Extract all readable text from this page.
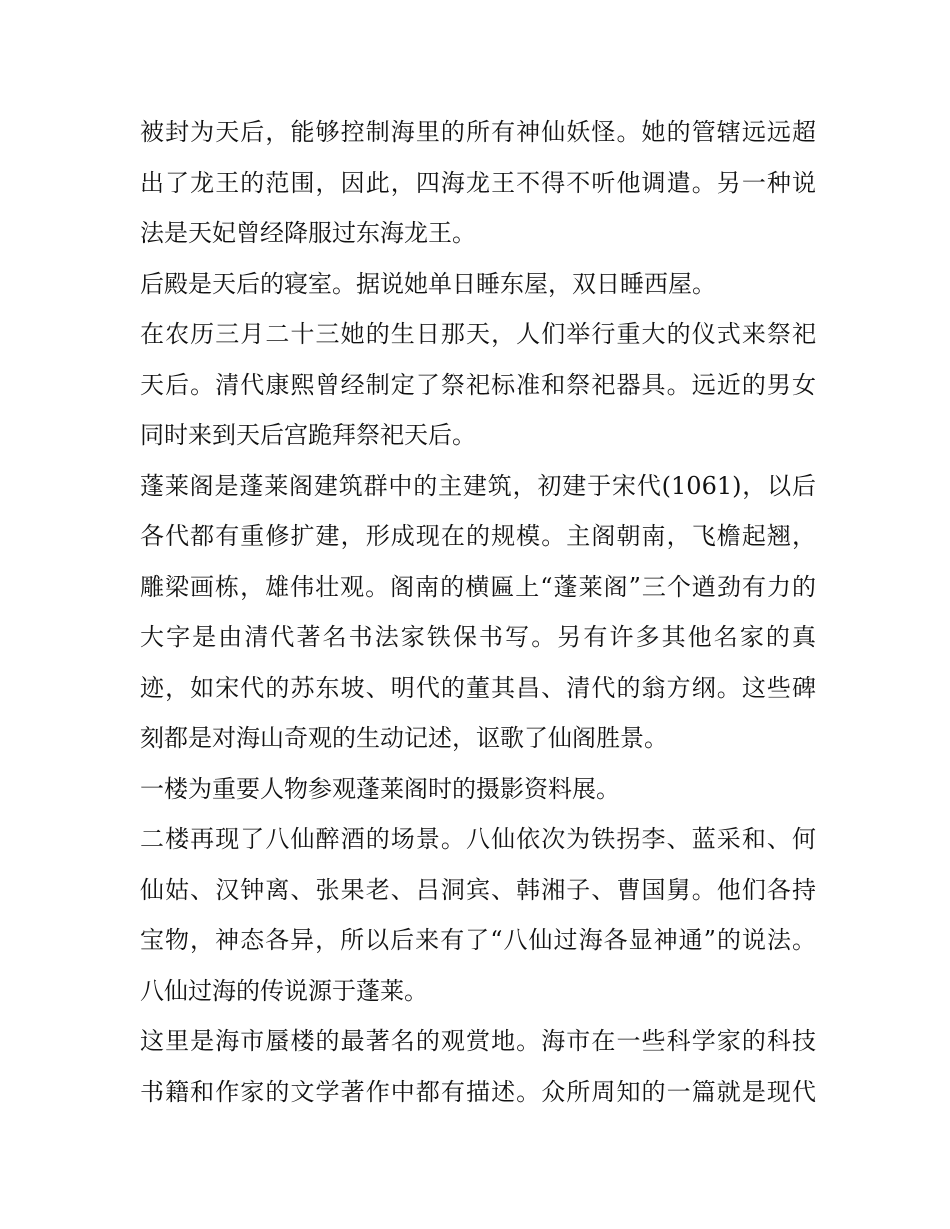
被封为天后，能够控制海里的所有神仙妖怪。她的管辖远远超
出了龙王的范围，因此，四海龙王不得不听他调遣。另一种说
法是天妃曾经降服过东海龙王。
后殿是天后的寝室。据说她单日睡东屋，双日睡西屋。
在农历三月二十三她的生日那天，人们举行重大的仪式来祭祀
天后。清代康熙曾经制定了祭祀标准和祭祀器具。远近的男女
同时来到天后宫跪拜祭祀天后。
蓬莱阁是蓬莱阁建筑群中的主建筑，初建于宋代(1061)，以后
各代都有重修扩建，形成现在的规模。主阁朝南，飞檐起翘，
雕梁画栋，雄伟壮观。阁南的横匾上“蓬莱阁”三个遒劲有力的
大字是由清代著名书法家铁保书写。另有许多其他名家的真
迹，如宋代的苏东坡、明代的董其昌、清代的翁方纲。这些碑
刻都是对海山奇观的生动记述，讴歌了仙阁胜景。
一楼为重要人物参观蓬莱阁时的摄影资料展。
二楼再现了八仙醉酒的场景。八仙依次为铁拐李、蓝采和、何
仙姑、汉钟离、张果老、吕洞宾、韩湘子、曹国舅。他们各持
宝物，神态各异，所以后来有了“八仙过海各显神通”的说法。
八仙过海的传说源于蓬莱。
这里是海市蜃楼的最著名的观赏地。海市在一些科学家的科技
书籍和作家的文学著作中都有描述。众所周知的一篇就是现代
